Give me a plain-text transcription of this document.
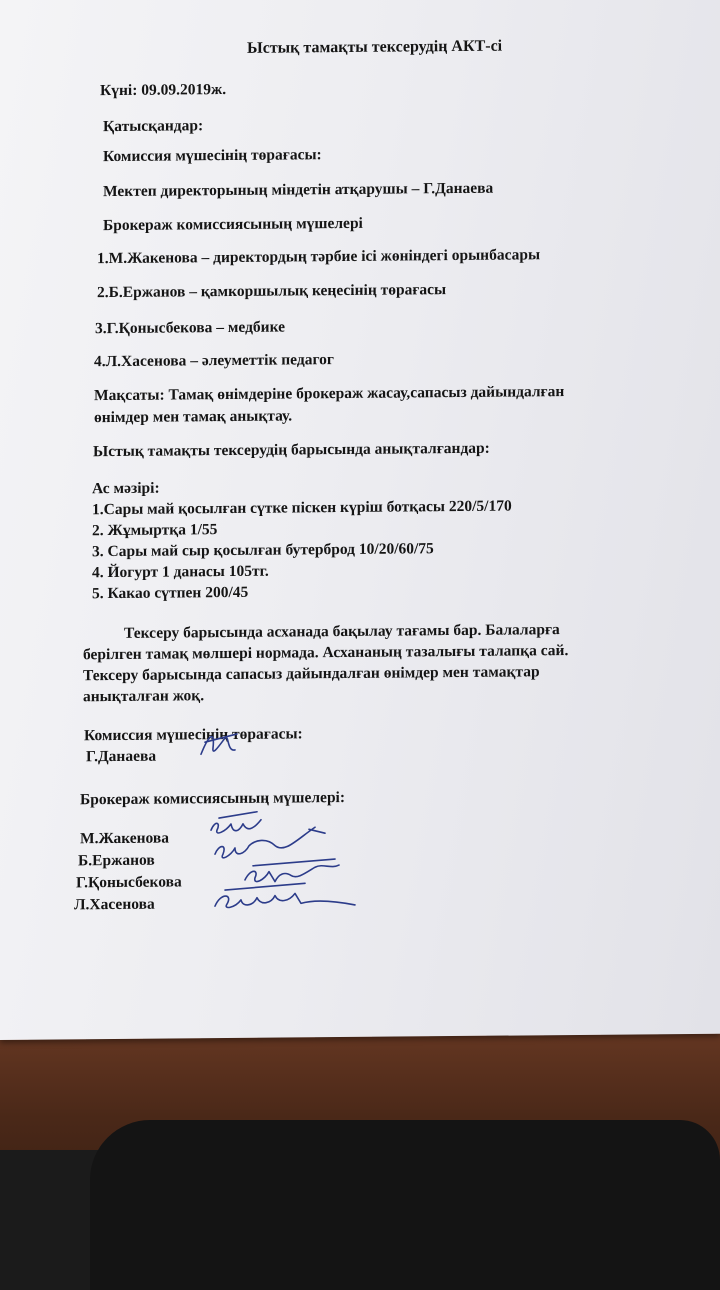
Ыстық тамақты тексерудің АКТ-сі
Күні: 09.09.2019ж.
Қатысқандар:
Комиссия мүшесінің төрағасы:
Мектеп директорының міндетін атқарушы – Г.Данаева
Брокераж комиссиясының мүшелері
1.М.Жакенова – директордың тәрбие ісі жөніндегі орынбасары
2.Б.Ержанов – қамкоршылық кеңесінің төрағасы
3.Г.Қонысбекова – медбике
4.Л.Хасенова – әлеуметтік педагог
Мақсаты: Тамақ өнімдеріне брокераж жасау,сапасыз дайындалған
өнімдер мен тамақ анықтау.
Ыстық тамақты тексерудің барысында анықталғандар:
Ас мәзірі:
1.Сары май қосылған сүтке піскен күріш ботқасы 220/5/170
2. Жұмыртқа 1/55
3. Сары май сыр қосылған бутерброд 10/20/60/75
4. Йогурт 1 данасы 105тг.
5. Какао сүтпен 200/45
Тексеру барысында асханада бақылау тағамы бар. Балаларға
берілген тамақ мөлшері нормада. Асхананың тазалығы талапқа сай.
Тексеру барысында сапасыз дайындалған өнімдер мен тамақтар
анықталған жоқ.
Комиссия мүшесінің төрағасы:
Г.Данаева
Брокераж комиссиясының мүшелері:
М.Жакенова
Б.Ержанов
Г.Қонысбекова
Л.Хасенова
